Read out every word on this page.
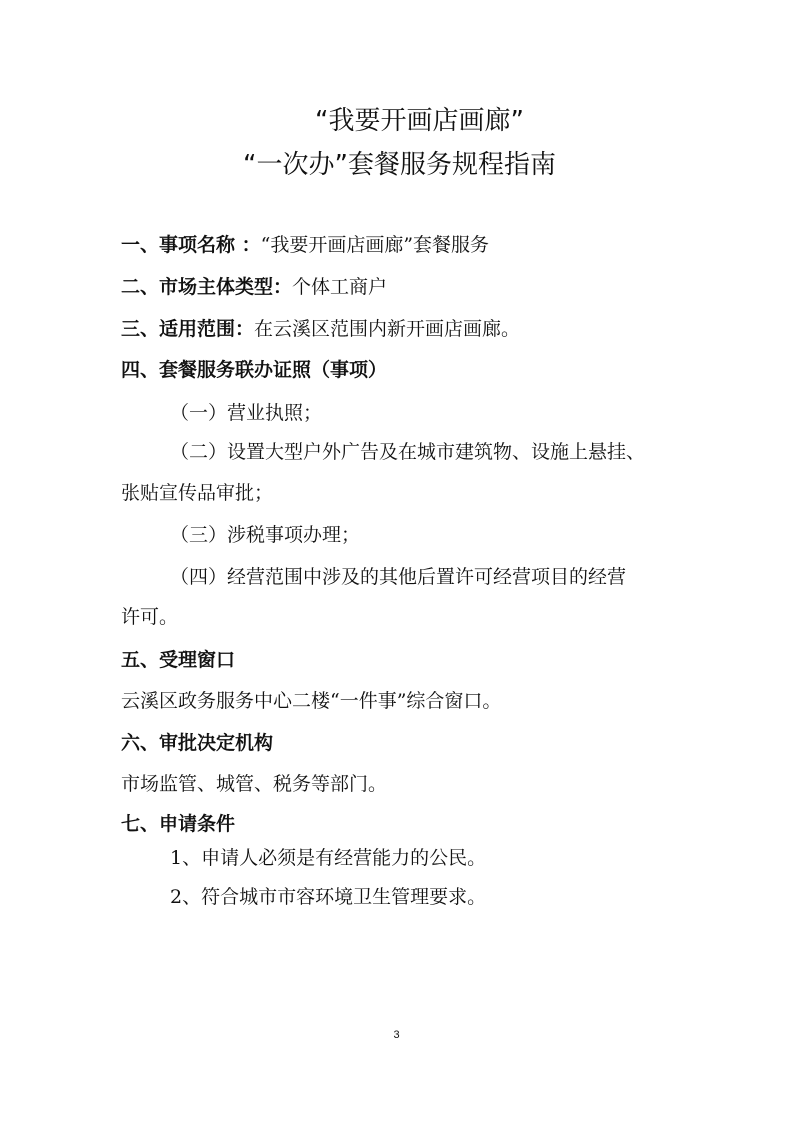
“我要开画店画廊”
“一次办”套餐服务规程指南
一、事项名称 ：“我要开画店画廊”套餐服务
二、市场主体类型：个体工商户
三、适用范围：在云溪区范围内新开画店画廊。
四、套餐服务联办证照（事项）
（一）营业执照；
（二）设置大型户外广告及在城市建筑物、设施上悬挂、
张贴宣传品审批；
（三）涉税事项办理；
（四）经营范围中涉及的其他后置许可经营项目的经营
许可。
五、受理窗口
云溪区政务服务中心二楼“一件事”综合窗口。
六、审批决定机构
市场监管、城管、税务等部门。
七、申请条件
1、申请人必须是有经营能力的公民。
2、符合城市市容环境卫生管理要求。
3
